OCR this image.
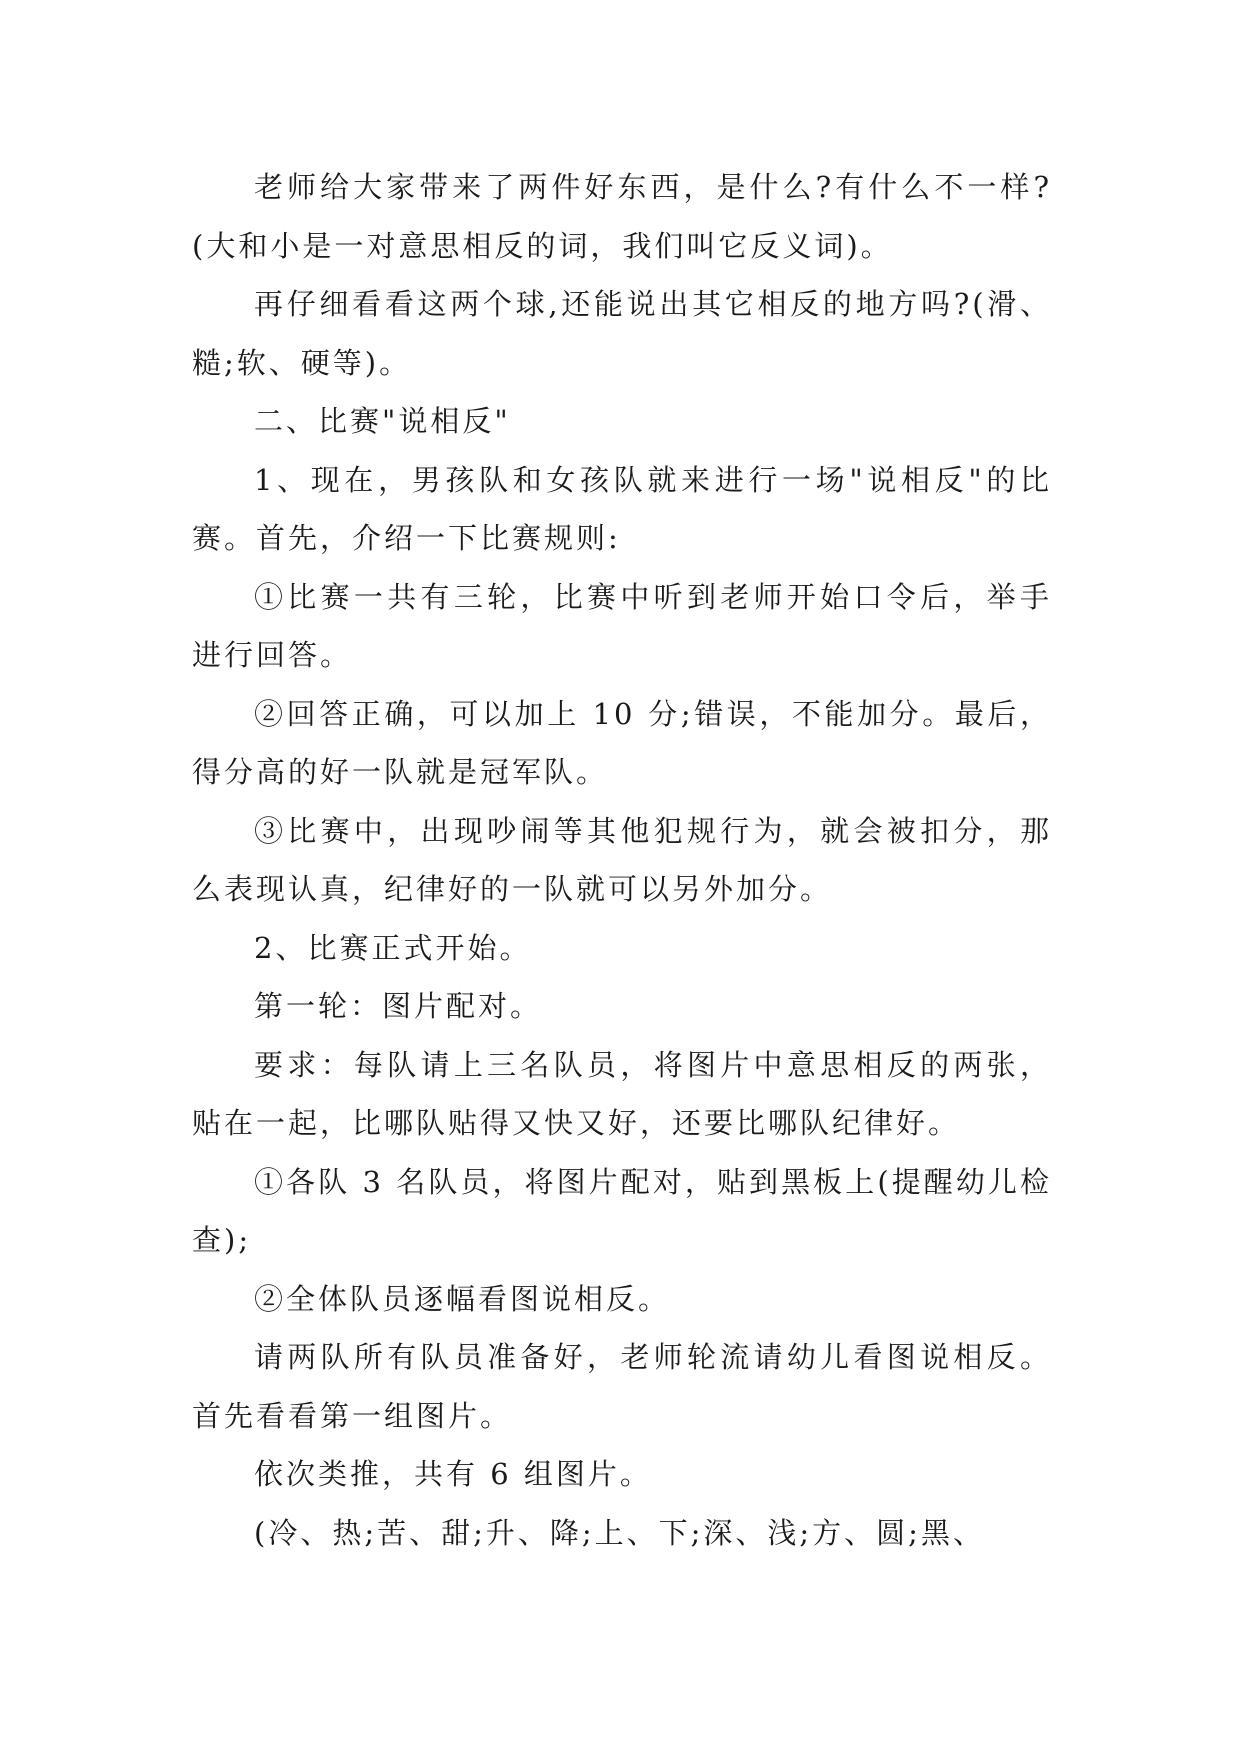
老师给大家带来了两件好东西，是什么?有什么不一样?(大和小是一对意思相反的词，我们叫它反义词)。

再仔细看看这两个球,还能说出其它相反的地方吗?(滑、糙;软、硬等)。

二、比赛"说相反"

1、现在，男孩队和女孩队就来进行一场"说相反"的比赛。首先，介绍一下比赛规则:

①比赛一共有三轮，比赛中听到老师开始口令后，举手进行回答。

②回答正确，可以加上 10 分;错误，不能加分。最后，得分高的好一队就是冠军队。

③比赛中，出现吵闹等其他犯规行为，就会被扣分，那么表现认真，纪律好的一队就可以另外加分。

2、比赛正式开始。

第一轮：图片配对。

要求：每队请上三名队员，将图片中意思相反的两张，贴在一起，比哪队贴得又快又好，还要比哪队纪律好。

①各队 3 名队员，将图片配对，贴到黑板上(提醒幼儿检查);

②全体队员逐幅看图说相反。

请两队所有队员准备好，老师轮流请幼儿看图说相反。首先看看第一组图片。

依次类推，共有 6 组图片。

(冷、热;苦、甜;升、降;上、下;深、浅;方、圆;黑、
